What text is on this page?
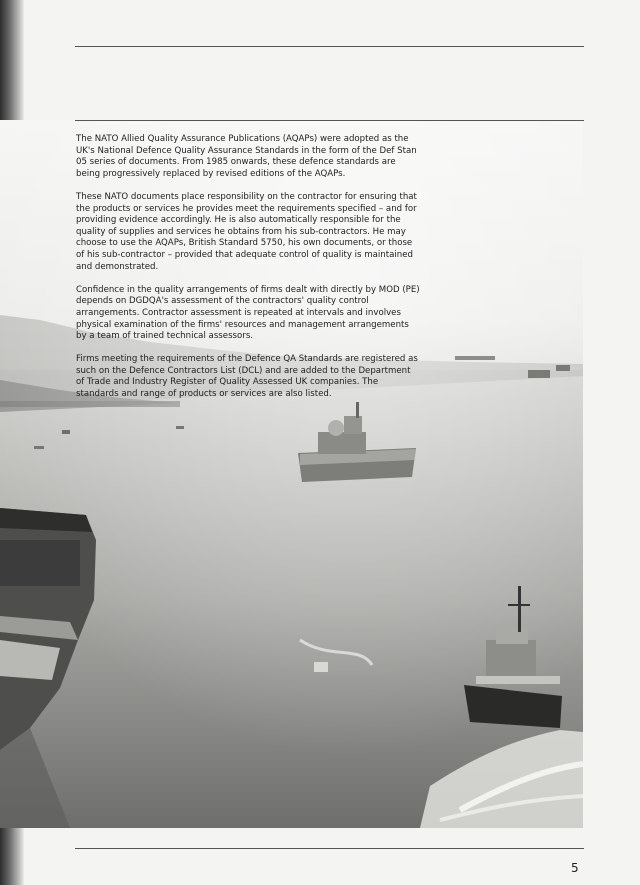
The NATO Allied Quality Assurance Publications (AQAPs) were adopted as the UK's National Defence Quality Assurance Standards in the form of the Def Stan 05 series of documents. From 1985 onwards, these defence standards are being progressively replaced by revised editions of the AQAPs.

These NATO documents place responsibility on the contractor for ensuring that the products or services he provides meet the requirements specified – and for providing evidence accordingly. He is also automatically responsible for the quality of supplies and services he obtains from his sub-contractors. He may choose to use the AQAPs, British Standard 5750, his own documents, or those of his sub-contractor – provided that adequate control of quality is maintained and demonstrated.

Confidence in the quality arrangements of firms dealt with directly by MOD (PE) depends on DGDQA's assessment of the contractors' quality control arrangements. Contractor assessment is repeated at intervals and involves physical examination of the firms' resources and management arrangements by a team of trained technical assessors.

Firms meeting the requirements of the Defence QA Standards are registered as such on the Defence Contractors List (DCL) and are added to the Department of Trade and Industry Register of Quality Assessed UK companies. The standards and range of products or services are also listed.

5
